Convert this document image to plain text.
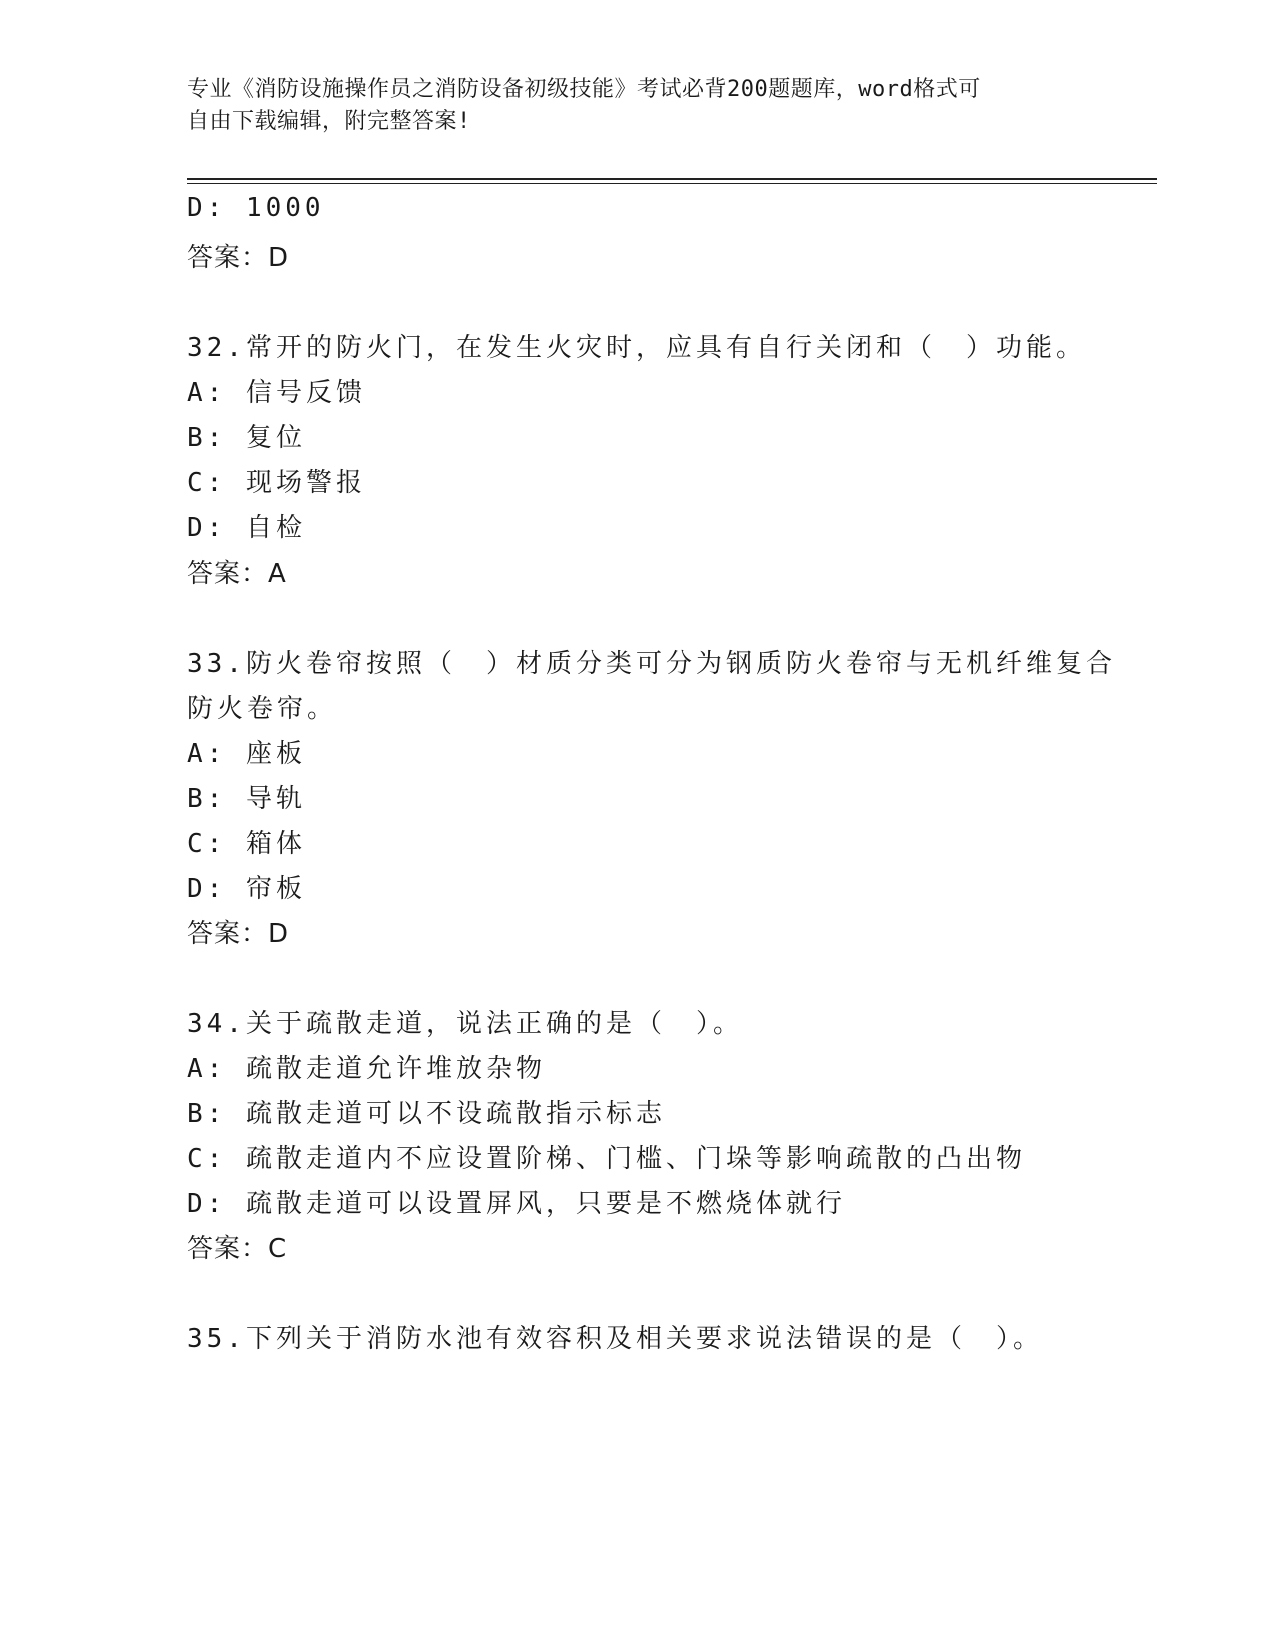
专业《消防设施操作员之消防设备初级技能》考试必背200题题库，word格式可
自由下载编辑，附完整答案!
D: 1000
答案：D
32.常开的防火门，在发生火灾时，应具有自行关闭和（　）功能。
A: 信号反馈
B: 复位
C: 现场警报
D: 自检
答案：A
33.防火卷帘按照（　）材质分类可分为钢质防火卷帘与无机纤维复合
防火卷帘。
A: 座板
B: 导轨
C: 箱体
D: 帘板
答案：D
34.关于疏散走道，说法正确的是（　）。
A: 疏散走道允许堆放杂物
B: 疏散走道可以不设疏散指示标志
C: 疏散走道内不应设置阶梯、门槛、门垛等影响疏散的凸出物
D: 疏散走道可以设置屏风，只要是不燃烧体就行
答案：C
35.下列关于消防水池有效容积及相关要求说法错误的是（　）。
